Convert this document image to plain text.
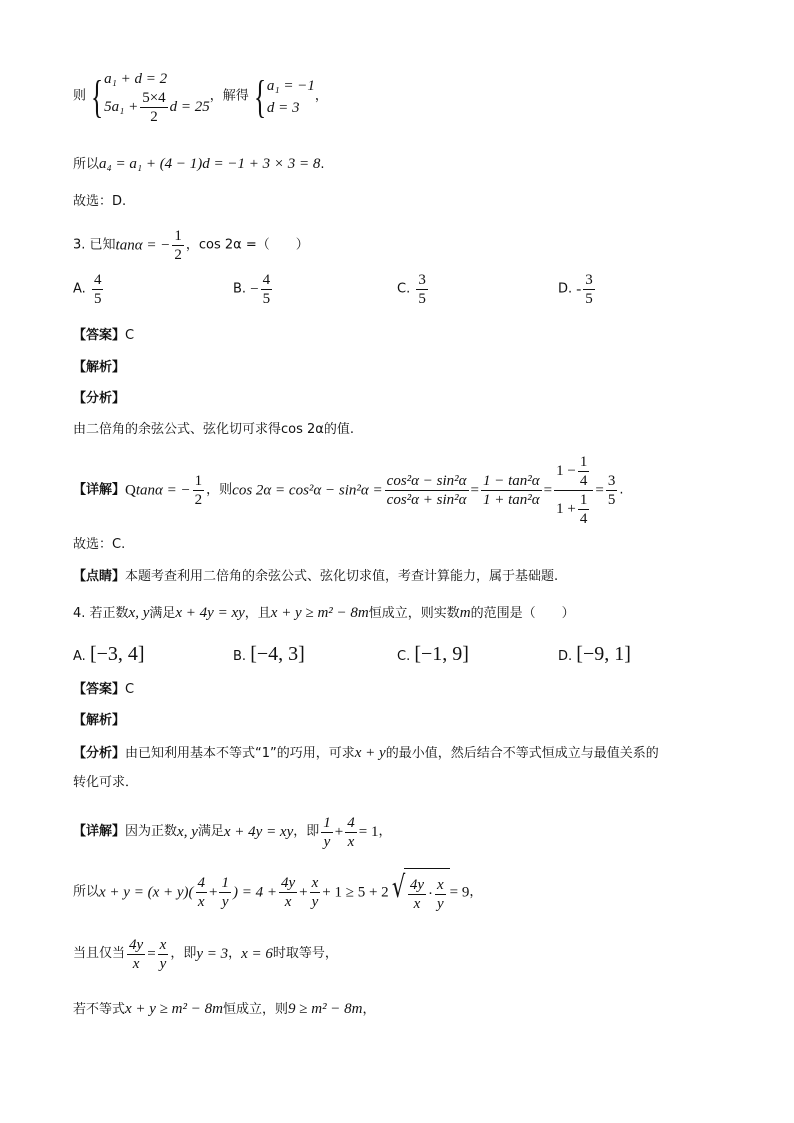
则 { a₁ + d = 2
$5a_1 + \frac{5\times 4}{2}$ d = 25
，解得 { a₁ = −1
d = 3
，
所以a₄ = a₁ + (4 − 1)d = −1 + 3 × 3 = 8.
故选：D.
3. 已知tanα = − $\frac{1}{2}$ ，cos 2α =（　　）
A. $\frac{4}{5}$	B. − $\frac{4}{5}$	C. $\frac{3}{5}$	D. - $\frac{3}{5}$
【答案】C
【解析】
【分析】
由二倍角的余弦公式、弦化切可求得cos 2α的值.
【详解】Qtanα = − $\frac{1}{2}$ ，则$\cos 2\alpha = \cos^2\alpha - \sin^2\alpha = \frac{\text{cos²α − sin²α}}{\text{cos²α + sin²α}} = \frac{\text{1 − tan²α}}{\text{1 + tan²α}} = \frac{1 - \frac{1}{4}}{1 + \frac{1}{4}} = \frac{3}{5}$ .
故选：C.
【点睛】本题考查利用二倍角的余弦公式、弦化切求值，考查计算能力，属于基础题.
4. 若正数x, y满足x + 4y = xy，且x + y ≥ m² − 8m恒成立，则实数m的范围是（　　）
A. [−3, 4]	B. [−4, 3]	C. [−1, 9]	D. [−9, 1]
【答案】C
【解析】
【分析】由已知利用基本不等式“1”的巧用，可求x + y的最小值，然后结合不等式恒成立与最值关系的
转化可求．
【详解】因为正数x, y满足x + 4y = xy，即 $\frac{1}{y} + \frac{4}{x} = 1$，
所以$x + y = (x + y)( \frac{4}{x} + \frac{1}{y}$ ) = $4 + \frac{4y}{x} + \frac{x}{y} + 1 \ge 5 + 2$ √ $\frac{4y}{x} \cdot \frac{x}{y} = 9$，
当且仅当 $\frac{4y}{x} = \frac{x}{y}$ ，即y = 3，x = 6时取等号，
若不等式x + y ≥ m² − 8m恒成立，则9 ≥ m² − 8m，
